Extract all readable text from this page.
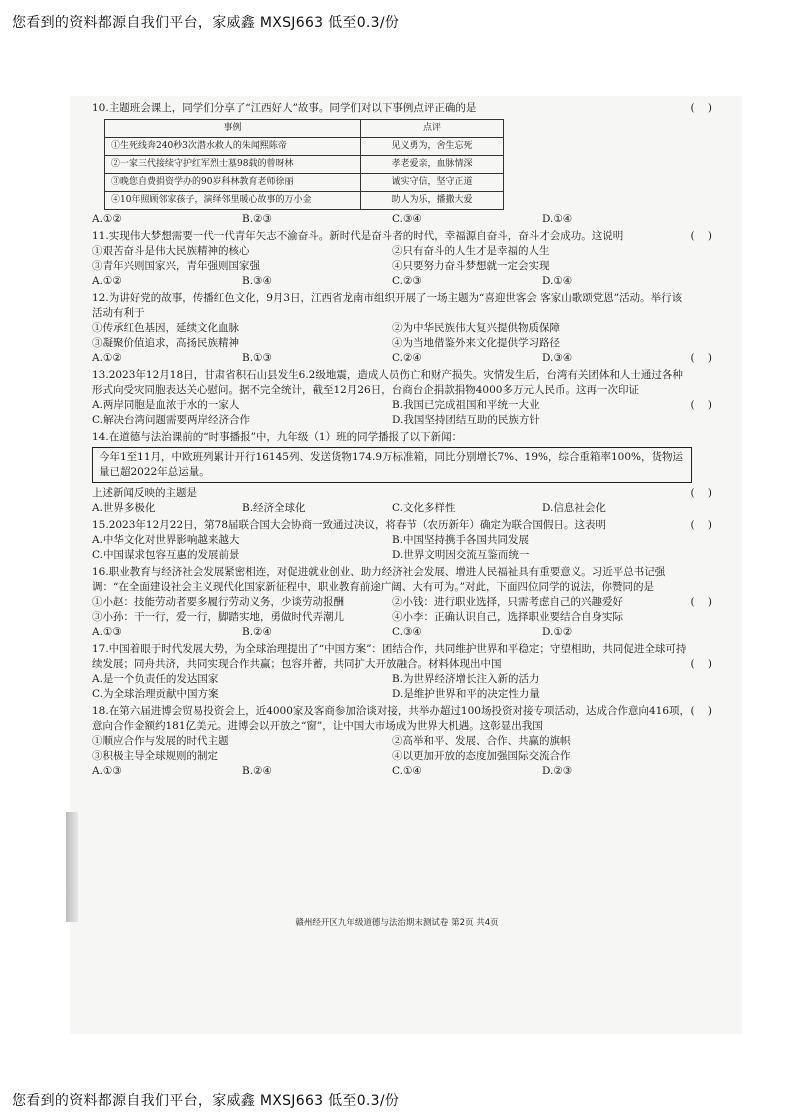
您看到的资料都源自我们平台，家威鑫 MXSJ663 低至0.3/份

10.主题班会课上，同学们分享了“江西好人”故事。同学们对以下事例点评正确的是	(    )
事例	点评
①生死线奔240秒3次潜水救人的朱闻熙陈帝	见义勇为，舍生忘死
②一家三代接续守护红军烈士墓98载的曾呀林	孝老爱亲，血脉情深
③晚您自费捐资学办的90岁科林教育老师徐丽	诚实守信，坚守正道
④10年照顾邻家孩子，演绎邻里暖心故事的万小金	助人为乐，播撒大爱
A.①②	B.②③	C.③④	D.①④

11.实现伟大梦想需要一代一代青年矢志不渝奋斗。新时代是奋斗者的时代，幸福源自奋斗，奋斗才会成功。这说明	(    )
①艰苦奋斗是伟大民族精神的核心	②只有奋斗的人生才是幸福的人生
③青年兴则国家兴，青年强则国家强	④只要努力奋斗梦想就一定会实现
A.①②	B.③④	C.②③	D.①④

12.为讲好党的故事，传播红色文化，9月3日，江西省龙南市组织开展了一场主题为“喜迎世客会 客家山歌颂党恩”活动。举行该活动有利于

①传承红色基因，延续文化血脉	②为中华民族伟大复兴提供物质保障
③凝聚价值追求，高扬民族精神	④为当地借鉴外来文化提供学习路径
A.①②	B.①③	C.②④	D.③④	(    )

13.2023年12月18日，甘肃省积石山县发生6.2级地震，造成人员伤亡和财产损失。灾情发生后，台湾有关团体和人士通过各种形式向受灾同胞表达关心慰问。据不完全统计，截至12月26日，台商台企捐款捐物4000多万元人民币。这再一次印证

(    )
A.两岸同胞是血浓于水的一家人	B.我国已完成祖国和平统一大业
C.解决台湾问题需要两岸经济合作	D.我国坚持团结互助的民族方针

14.在道德与法治课前的“时事播报”中，九年级（1）班的同学播报了以下新闻：

今年1至11月，中欧班列累计开行16145列、发送货物174.9万标准箱，同比分别增长7%、19%，综合重箱率100%，货物运量已超2022年总运量。

上述新闻反映的主题是	(    )
A.世界多极化	B.经济全球化	C.文化多样性	D.信息社会化

15.2023年12月22日，第78届联合国大会协商一致通过决议，将春节（农历新年）确定为联合国假日。这表明	(    )
A.中华文化对世界影响越来越大	B.中国坚持携手各国共同发展
C.中国谋求包容互惠的发展前景	D.世界文明因交流互鉴而统一

16.职业教育与经济社会发展紧密相连，对促进就业创业、助力经济社会发展、增进人民福祉具有重要意义。习近平总书记强调：“在全面建设社会主义现代化国家新征程中，职业教育前途广阔、大有可为。”对此，下面四位同学的说法，你赞同的是

(    )
①小赵：技能劳动者要多履行劳动义务，少谈劳动报酬	②小钱：进行职业选择，只需考虑自己的兴趣爱好
③小孙：干一行，爱一行，脚踏实地，勇做时代弄潮儿	④小李：正确认识自己，选择职业要结合自身实际
A.①③	B.②④	C.③④	D.①②

17.中国着眼于时代发展大势，为全球治理提出了“中国方案”：团结合作，共同维护世界和平稳定；守望相助，共同促进全球可持续发展；同舟共济，共同实现合作共赢；包容并蓄，共同扩大开放融合。材料体现出中国	(    )
A.是一个负责任的发达国家	B.为世界经济增长注入新的活力
C.为全球治理贡献中国方案	D.是维护世界和平的决定性力量

18.在第六届进博会贸易投资会上，近4000家及客商参加洽谈对接，共举办超过100场投资对接专项活动，达成合作意向416项，意向合作金额约181亿美元。进博会以开放之“窗”，让中国大市场成为世界大机遇。这彰显出我国

(    )
①顺应合作与发展的时代主题	②高举和平、发展、合作、共赢的旗帜
③积极主导全球规则的制定	④以更加开放的态度加强国际交流合作
A.①③	B.②④	C.①④	D.②③
赣州经开区九年级道德与法治期末测试卷 第2页 共4页
您看到的资料都源自我们平台，家威鑫 MXSJ663 低至0.3/份
